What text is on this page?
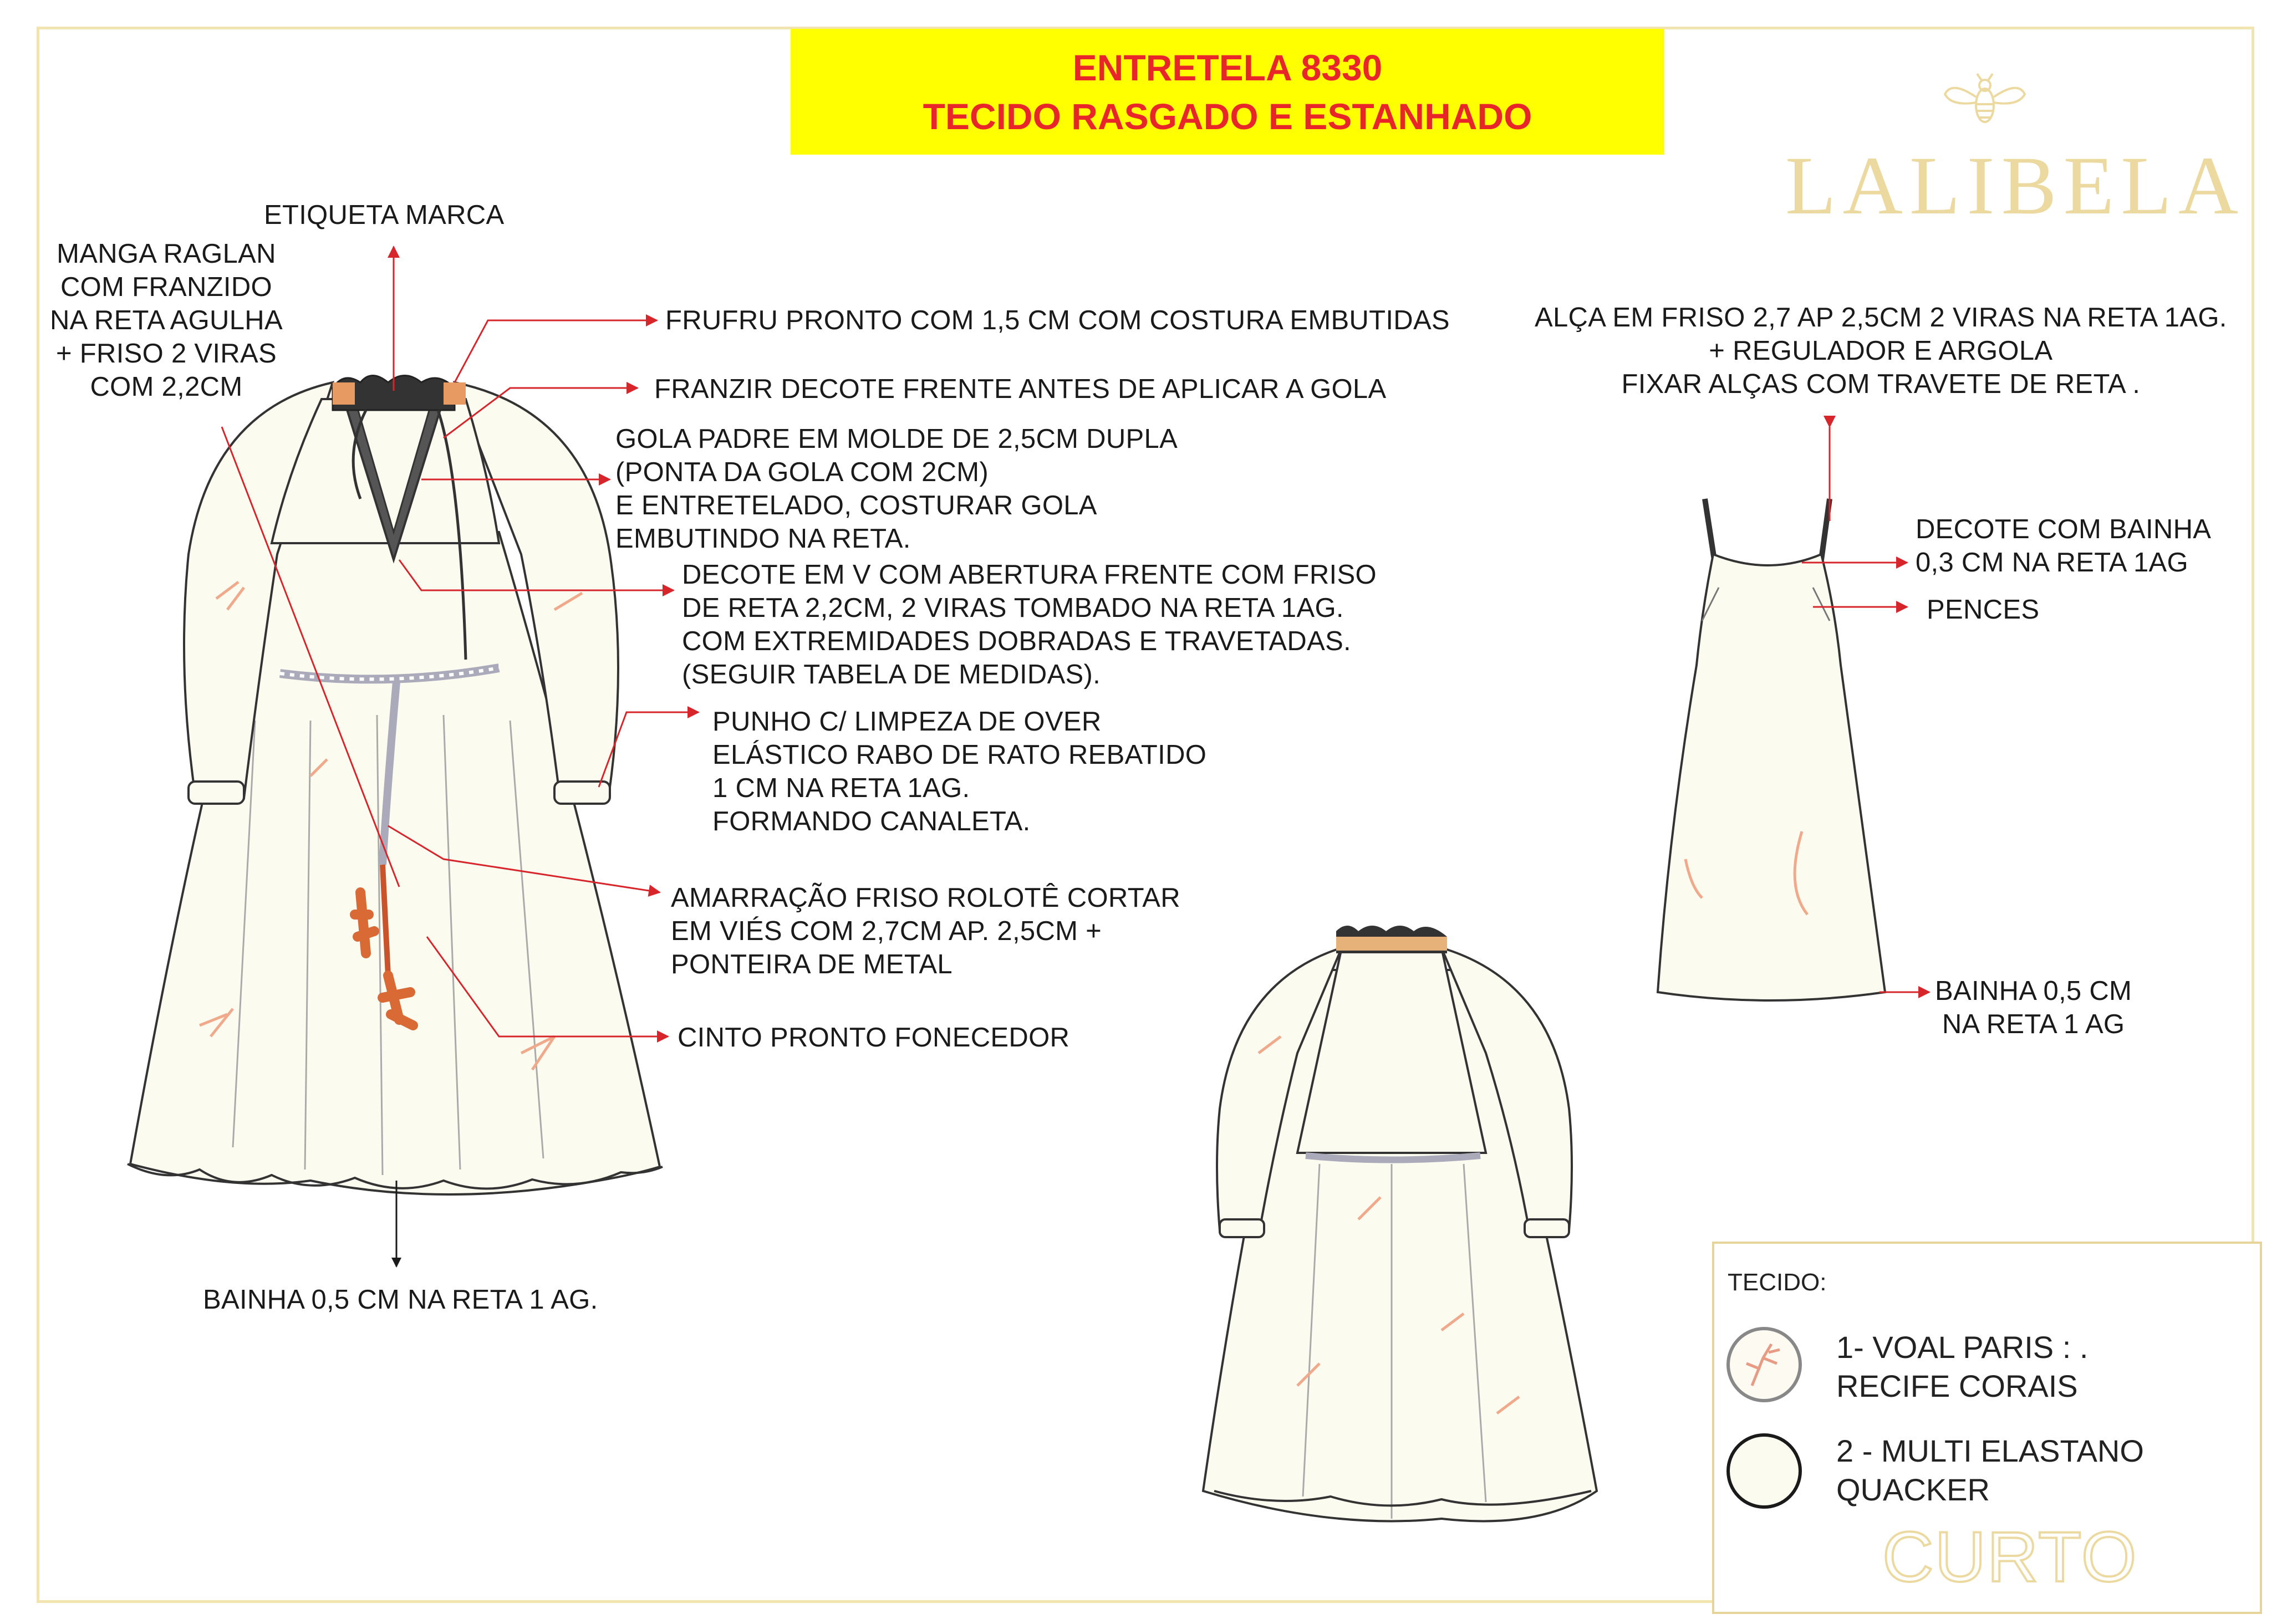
ENTRETELA 8330
TECIDO RASGADO E ESTANHADO
LALIBELA
ETIQUETA MARCA
MANGA RAGLAN
COM FRANZIDO
NA RETA AGULHA
+ FRISO 2 VIRAS
COM 2,2CM
FRUFRU PRONTO COM 1,5 CM COM COSTURA EMBUTIDAS
FRANZIR DECOTE FRENTE ANTES DE APLICAR A GOLA
GOLA PADRE EM MOLDE DE 2,5CM DUPLA
(PONTA DA GOLA COM 2CM)
E ENTRETELADO, COSTURAR GOLA
EMBUTINDO NA RETA.
DECOTE EM V COM ABERTURA FRENTE COM FRISO
DE RETA 2,2CM, 2 VIRAS TOMBADO NA RETA 1AG.
COM EXTREMIDADES DOBRADAS E TRAVETADAS.
(SEGUIR TABELA DE MEDIDAS).
PUNHO C/ LIMPEZA DE OVER
ELÁSTICO RABO DE RATO REBATIDO
1 CM NA RETA 1AG.
FORMANDO CANALETA.
AMARRAÇÃO FRISO ROLOTÊ CORTAR
EM VIÉS COM 2,7CM AP. 2,5CM +
PONTEIRA DE METAL
CINTO PRONTO FONECEDOR
BAINHA 0,5 CM NA RETA 1 AG.
ALÇA EM FRISO 2,7 AP 2,5CM 2 VIRAS NA RETA 1AG.
+ REGULADOR E ARGOLA
FIXAR ALÇAS COM TRAVETE DE RETA .
DECOTE COM BAINHA
0,3 CM NA RETA 1AG
PENCES
BAINHA 0,5 CM
NA RETA 1 AG
TECIDO:
1- VOAL PARIS : .
RECIFE CORAIS
2 - MULTI ELASTANO
QUACKER
CURTO
